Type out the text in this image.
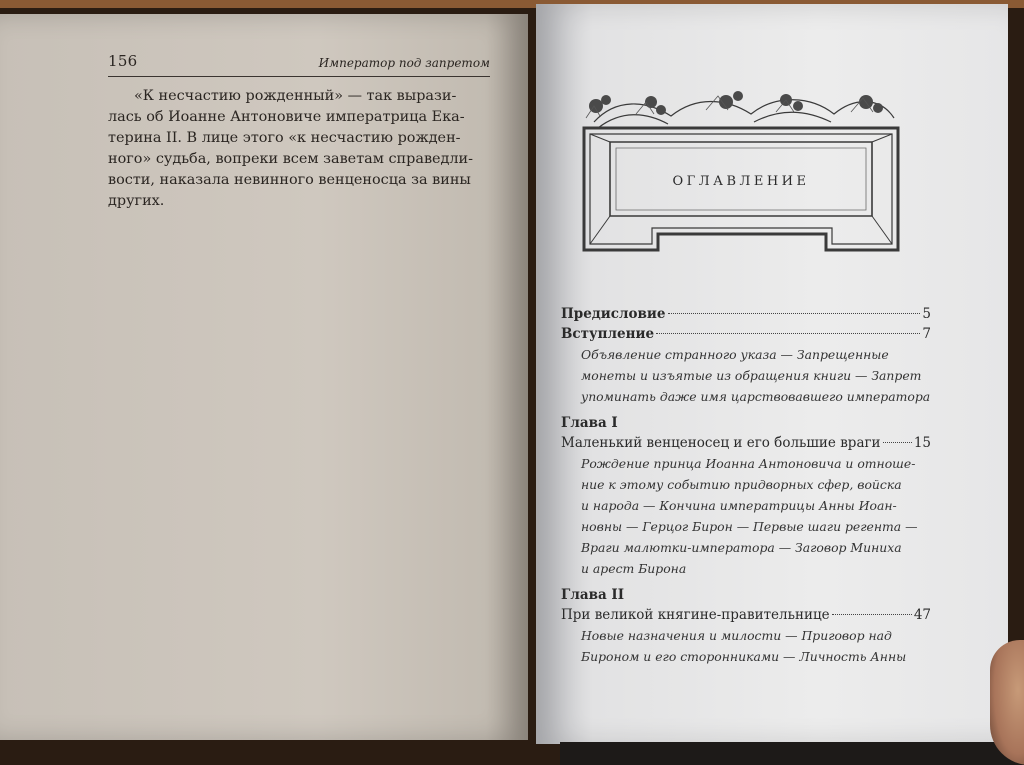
156	Император под запретом
«К несчастию рожденный» — так вырази-
лась об Иоанне Антоновиче императрица Ека-
терина II. В лице этого «к несчастию рожден-
ного» судьба, вопреки всем заветам справедли-
вости, наказала невинного венценосца за вины
других.
ОГЛАВЛЕНИЕ
Предисловие	5
Вступление	7
Объявление странного указа — Запрещенные
монеты и изъятые из обращения книги — Запрет
упоминать даже имя царствовавшего императора
Глава I
Маленький венценосец и его большие враги 15
Рождение принца Иоанна Антоновича и отноше-
ние к этому событию придворных сфер, войска
и народа — Кончина императрицы Анны Иоан-
новны — Герцог Бирон — Первые шаги регента —
Враги малютки-императора — Заговор Миниха
и арест Бирона
Глава II
При великой княгине-правительнице	47
Новые назначения и милости — Приговор над
Бироном и его сторонниками — Личность Анны
